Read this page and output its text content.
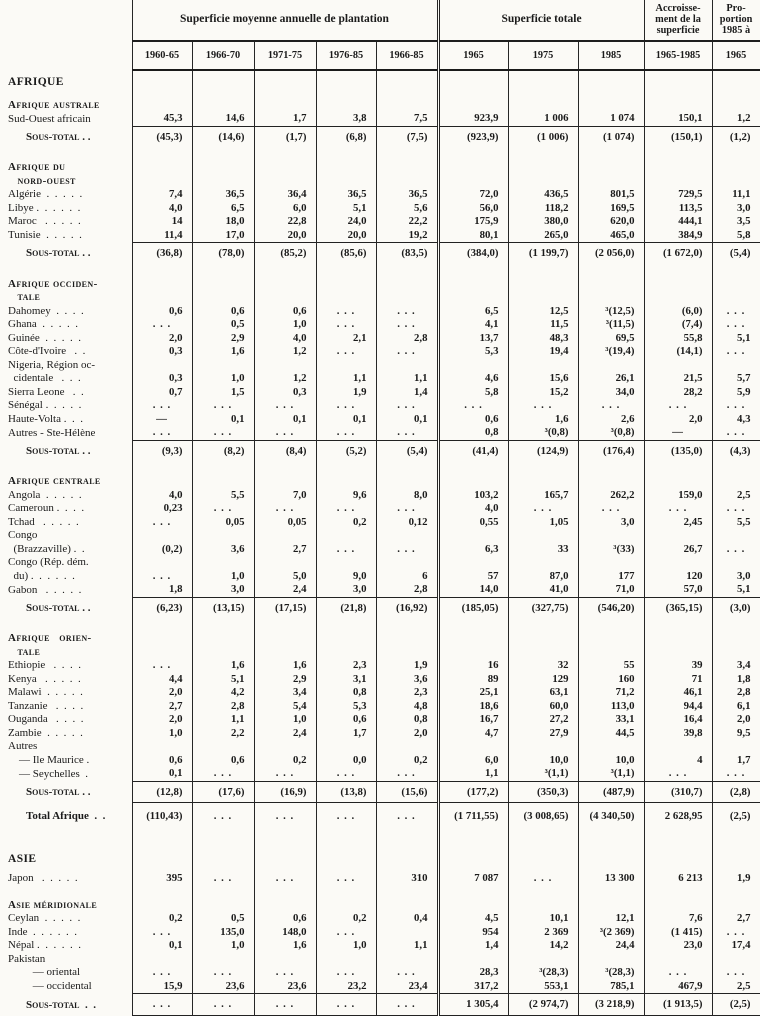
	Superficie moyenne annuelle de plantation					Superficie totale			Accroisse-
ment de la
superficie	Pro-
portion
1985 à
	1960-65	1966-70	1971-75	1976-85	1966-85	1965	1975	1985	1965-1985	1965
AFRIQUE										

Afrique australe										
Sud-Ouest africain	45,3	14,6	1,7	3,8	7,5	923,9	1 006	1 074	150,1	1,2
Sous-total . .	(45,3)	(14,6)	(1,7)	(6,8)	(7,5)	(923,9)	(1 006)	(1 074)	(150,1)	(1,2)

Afrique du
nord-ouest										
Algérie  .  .  .  .  .	7,4	36,5	36,4	36,5	36,5	72,0	436,5	801,5	729,5	11,1
Libye .  .  .  .  .  .	4,0	6,5	6,0	5,1	5,6	56,0	118,2	169,5	113,5	3,0
Maroc   .  .  .  .  .	14	18,0	22,8	24,0	22,2	175,9	380,0	620,0	444,1	3,5
Tunisie  .  .  .  .  .	11,4	17,0	20,0	20,0	19,2	80,1	265,0	465,0	384,9	5,8
Sous-total . .	(36,8)	(78,0)	(85,2)	(85,6)	(83,5)	(384,0)	(1 199,7)	(2 056,0)	(1 672,0)	(5,4)

Afrique occiden-
tale										
Dahomey  .  .  .  .	0,6	0,6	0,6	. . .	. . .	6,5	12,5	³(12,5)	(6,0)	. . .
Ghana  .  .  .  .  .	. . .	0,5	1,0	. . .	. . .	4,1	11,5	³(11,5)	(7,4)	. . .
Guinée  .  .  .  .  .	2,0	2,9	4,0	2,1	2,8	13,7	48,3	69,5	55,8	5,1
Côte-d'Ivoire   .  .	0,3	1,6	1,2	. . .	. . .	5,3	19,4	³(19,4)	(14,1)	. . .
Nigeria, Région oc-
cidentale   .  .  .	0,3	1,0	1,2	1,1	1,1	4,6	15,6	26,1	21,5	5,7
Sierra Leone   .  .	0,7	1,5	0,3	1,9	1,4	5,8	15,2	34,0	28,2	5,9
Sénégal .  .  .  .  .	. . .	. . .	. . .	. . .	. . .	. . .	. . .	. . .	. . .	. . .
Haute-Volta .  .  .	—	0,1	0,1	0,1	0,1	0,6	1,6	2,6	2,0	4,3
Autres - Ste-Hélène	. . .	. . .	. . .	. . .	. . .	0,8	³(0,8)	³(0,8)	—	. . .
Sous-total . .	(9,3)	(8,2)	(8,4)	(5,2)	(5,4)	(41,4)	(124,9)	(176,4)	(135,0)	(4,3)

Afrique centrale										
Angola  .  .  .  .  .	4,0	5,5	7,0	9,6	8,0	103,2	165,7	262,2	159,0	2,5
Cameroun .  .  .  .	0,23	. . .	. . .	. . .	. . .	4,0	. . .	. . .	. . .	. . .
Tchad   .  .  .  .  .	. . .	0,05	0,05	0,2	0,12	0,55	1,05	3,0	2,45	5,5
Congo
(Brazzaville) .  .	(0,2)	3,6	2,7	. . .	. . .	6,3	33	³(33)	26,7	. . .
Congo (Rép. dém.
du) .  .  .  .  .  .	. . .	1,0	5,0	9,0	6	57	87,0	177	120	3,0
Gabon   .  .  .  .  .	1,8	3,0	2,4	3,0	2,8	14,0	41,0	71,0	57,0	5,1
Sous-total . .	(6,23)	(13,15)	(17,15)	(21,8)	(16,92)	(185,05)	(327,75)	(546,20)	(365,15)	(3,0)

Afrique   orien-
tale										
Ethiopie   .  .  .  .	. . .	1,6	1,6	2,3	1,9	16	32	55	39	3,4
Kenya   .  .  .  .  .	4,4	5,1	2,9	3,1	3,6	89	129	160	71	1,8
Malawi  .  .  .  .  .	2,0	4,2	3,4	0,8	2,3	25,1	63,1	71,2	46,1	2,8
Tanzanie   .  .  .  .	2,7	2,8	5,4	5,3	4,8	18,6	60,0	113,0	94,4	6,1
Ouganda   .  .  .  .	2,0	1,1	1,0	0,6	0,8	16,7	27,2	33,1	16,4	2,0
Zambie  .  .  .  .  .	1,0	2,2	2,4	1,7	2,0	4,7	27,9	44,5	39,8	9,5
Autres										
— Ile Maurice .	0,6	0,6	0,2	0,0	0,2	6,0	10,0	10,0	4	1,7
— Seychelles  .	0,1	. . .	. . .	. . .	. . .	1,1	³(1,1)	³(1,1)	. . .	. . .
Sous-total . .	(12,8)	(17,6)	(16,9)	(13,8)	(15,6)	(177,2)	(350,3)	(487,9)	(310,7)	(2,8)
Total Afrique  .  .	(110,43)	. . .	. . .	. . .	. . .	(1 711,55)	(3 008,65)	(4 340,50)	2 628,95	(2,5)

ASIE										

Japon   .  .  .  .  .	395	. . .	. . .	. . .	310	7 087	. . .	13 300	6 213	1,9

Asie méridionale										
Ceylan  .  .  .  .  .	0,2	0,5	0,6	0,2	0,4	4,5	10,1	12,1	7,6	2,7
Inde  .  .  .  .  .  .	. . .	135,0	148,0	. . .		954	2 369	³(2 369)	(1 415)	. . .
Népal .  .  .  .  .  .	0,1	1,0	1,6	1,0	1,1	1,4	14,2	24,4	23,0	17,4
Pakistan										
— oriental	. . .	. . .	. . .	. . .	. . .	28,3	³(28,3)	³(28,3)	. . .	. . .
— occidental	15,9	23,6	23,6	23,2	23,4	317,2	553,1	785,1	467,9	2,5
Sous-total  .  .	. . .	. . .	. . .	. . .	. . .	1 305,4	(2 974,7)	(3 218,9)	(1 913,5)	(2,5)
